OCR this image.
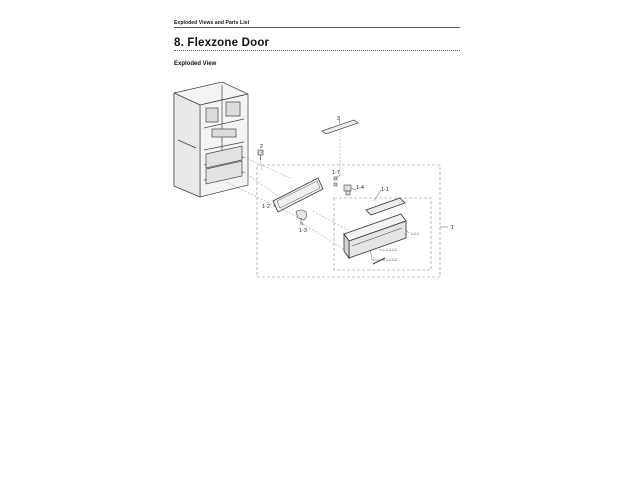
Exploded Views and Parts List
8. Flexzone Door
Exploded View
3
2
1-7
1-4	1-1
1-2
1-3	1
1-1-1
1-1-1-1
1-1-1-2
